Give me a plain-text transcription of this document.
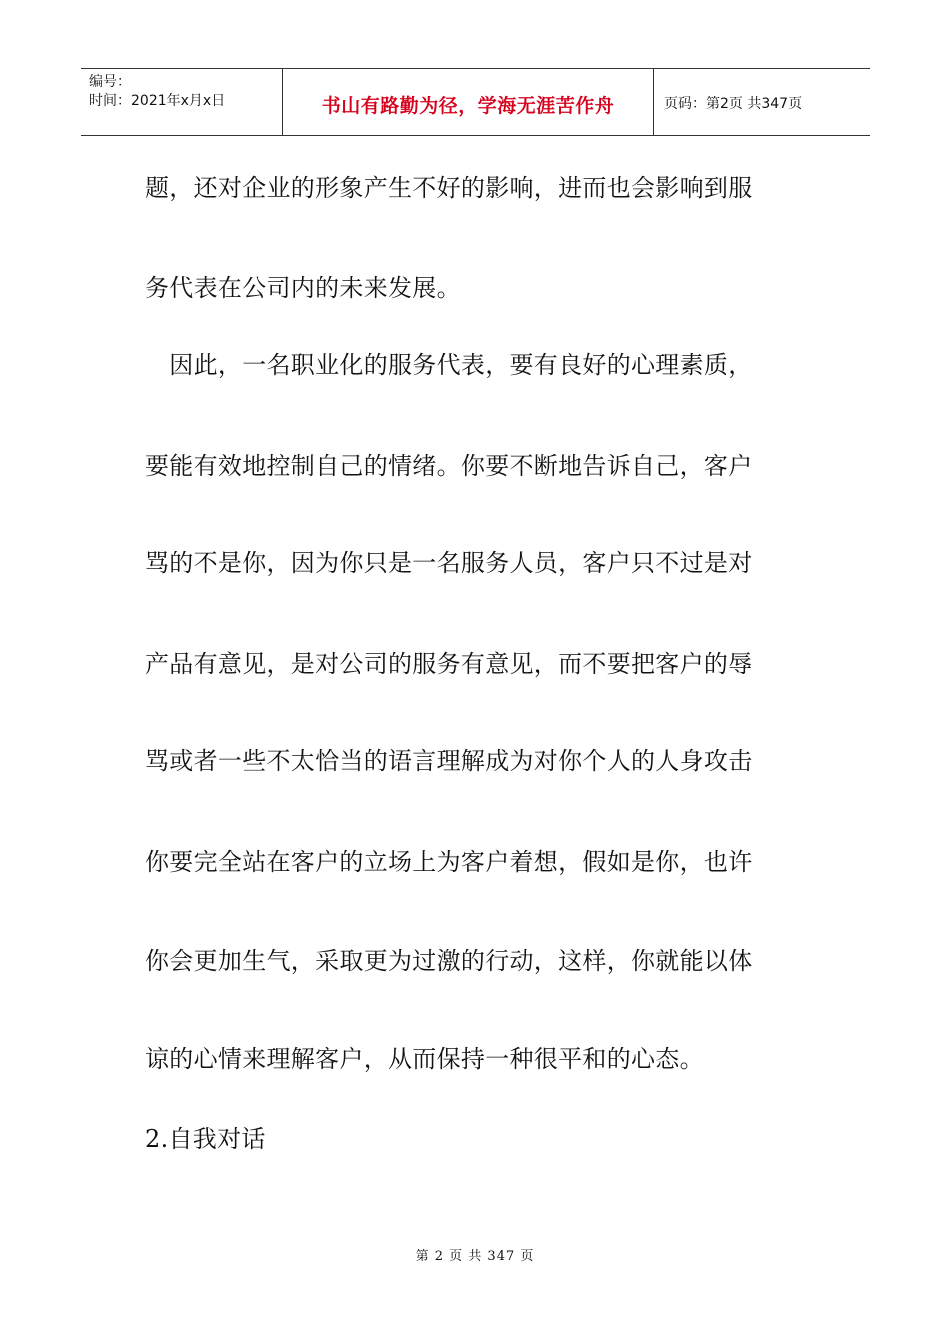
编号：
时间：2021年x月x日	书山有路勤为径，学海无涯苦作舟	页码：第2页 共347页
题，还对企业的形象产生不好的影响，进而也会影响到服
务代表在公司内的未来发展。
　因此，一名职业化的服务代表，要有良好的心理素质，
要能有效地控制自己的情绪。你要不断地告诉自己，客户
骂的不是你，因为你只是一名服务人员，客户只不过是对
产品有意见，是对公司的服务有意见，而不要把客户的辱
骂或者一些不太恰当的语言理解成为对你个人的人身攻击
你要完全站在客户的立场上为客户着想，假如是你，也许
你会更加生气，采取更为过激的行动，这样，你就能以体
谅的心情来理解客户，从而保持一种很平和的心态。
2.自我对话
第 2 页 共 347 页
